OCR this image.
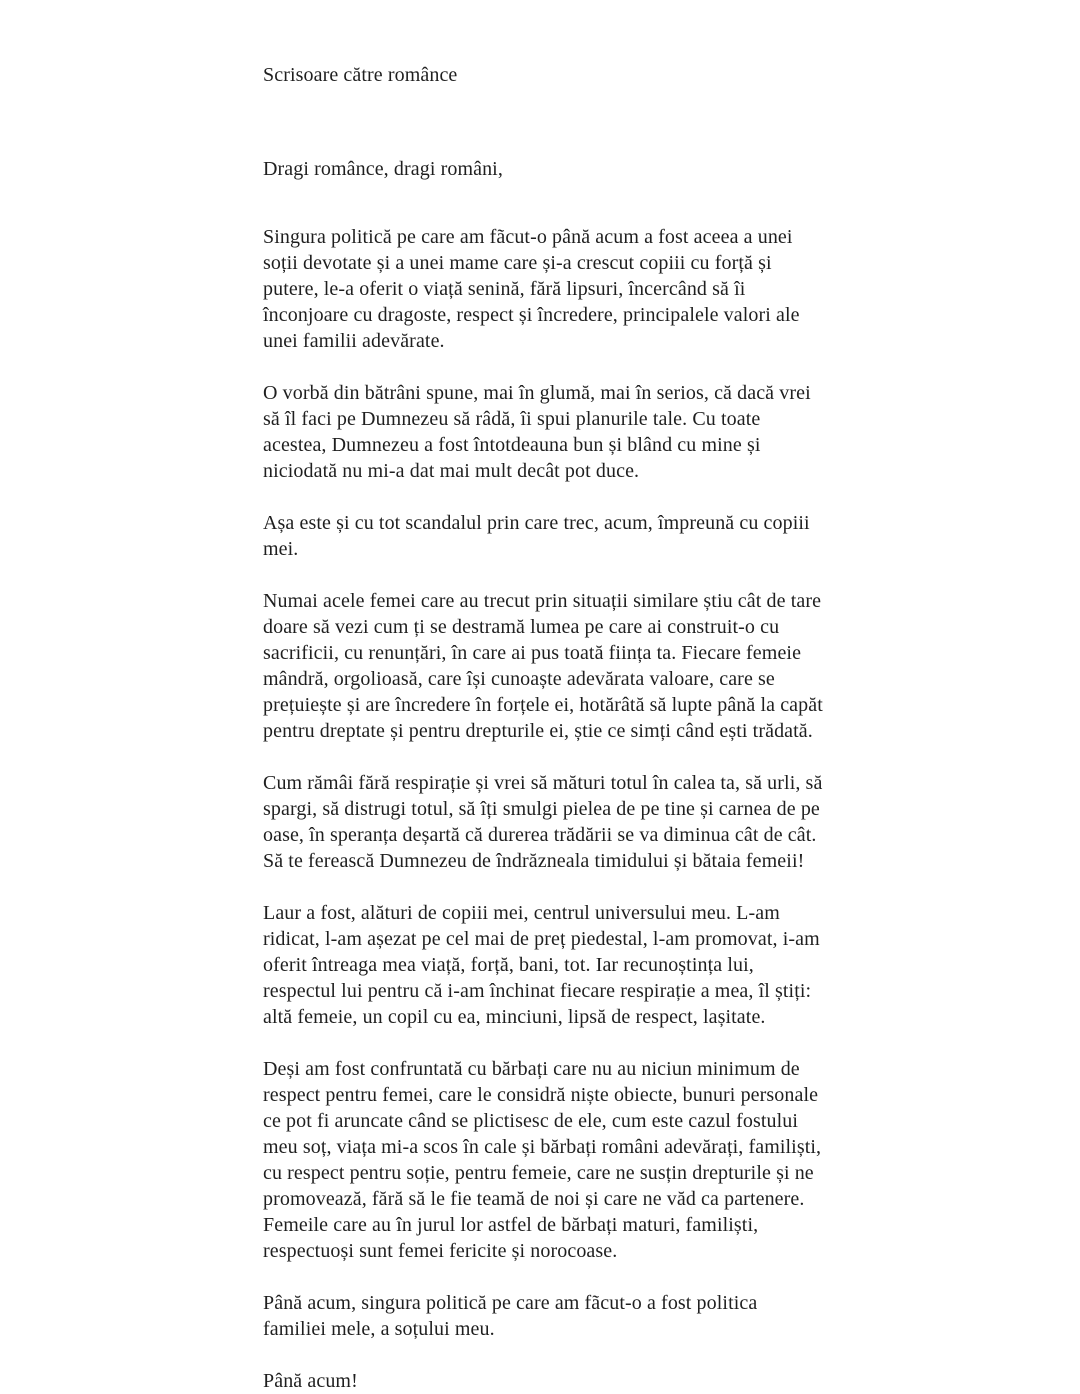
Scrisoare către românce

Dragi românce, dragi români,

Singura politică pe care am fãcut-o până acum a fost aceea a unei soții devotate și a unei mame care și-a crescut copiii cu forță și putere, le-a oferit o viață senină, fără lipsuri, încercând să îi înconjoare cu dragoste, respect și încredere, principalele valori ale unei familii adevărate.

O vorbă din bătrâni spune, mai în glumă, mai în serios, că dacă vrei să îl faci pe Dumnezeu să râdă, îi spui planurile tale. Cu toate acestea, Dumnezeu a fost întotdeauna bun și blând cu mine și niciodată nu mi-a dat mai mult decât pot duce.

Așa este și cu tot scandalul prin care trec, acum, împreună cu copiii mei.

Numai acele femei care au trecut prin situații similare știu cât de tare doare să vezi cum ți se destramă lumea pe care ai construit-o cu sacrificii, cu renunțări, în care ai pus toată ființa ta. Fiecare femeie mândră, orgolioasă, care își cunoaște adevărata valoare, care se prețuiește și are încredere în forțele ei, hotărâtă să lupte până la capăt pentru dreptate și pentru drepturile ei, știe ce simți când ești trădată.

Cum rămâi fără respirație și vrei să mături totul în calea ta, să urli, să spargi, să distrugi totul, să îți smulgi pielea de pe tine și carnea de pe oase, în speranța deșartă că durerea trădării se va diminua cât de cât. Să te ferească Dumnezeu de îndrăzneala timidului și bătaia femeii!

Laur a fost, alături de copiii mei, centrul universului meu. L-am ridicat, l-am așezat pe cel mai de preț piedestal, l-am promovat, i-am oferit întreaga mea viață, forță, bani, tot. Iar recunoștința lui, respectul lui pentru că i-am închinat fiecare respirație a mea, îl știți: altă femeie, un copil cu ea, minciuni, lipsă de respect, lașitate.

Deși am fost confruntată cu bărbați care nu au niciun minimum de respect pentru femei, care le considră niște obiecte, bunuri personale ce pot fi aruncate când se plictisesc de ele, cum este cazul fostului meu soț, viața mi-a scos în cale și bărbați români adevărați, familiști, cu respect pentru soție, pentru femeie, care ne susțin drepturile și ne promovează, fără să le fie teamă de noi și care ne văd ca partenere. Femeile care au în jurul lor astfel de bărbați maturi, familiști, respectuoși sunt femei fericite și norocoase.

Până acum, singura politică pe care am fãcut-o a fost politica familiei mele, a soțului meu.

Până acum!
